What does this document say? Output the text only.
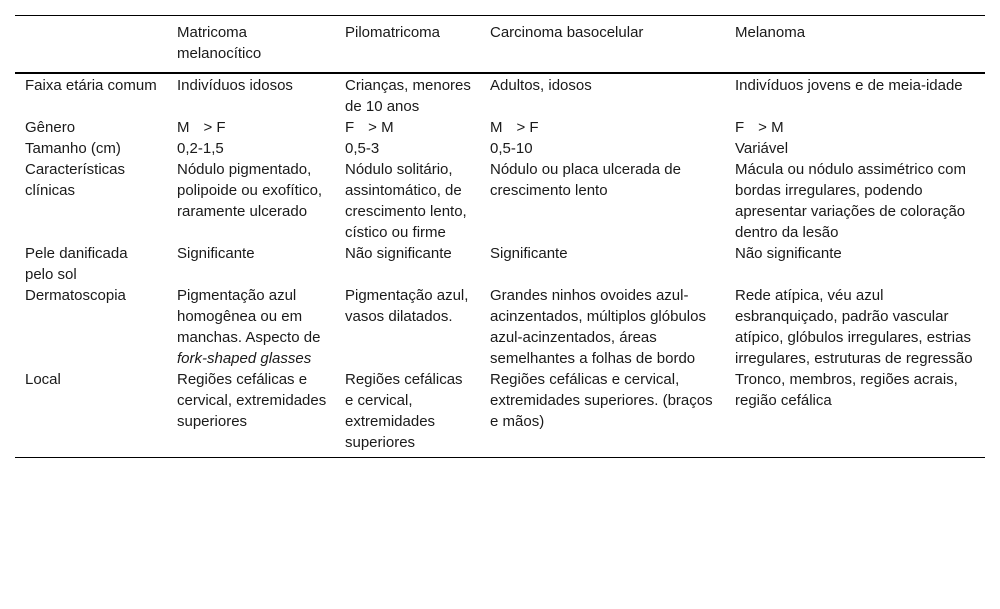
	Matricoma melanocítico	Pilomatricoma	Carcinoma basocelular	Melanoma
Faixa etária comum	Indivíduos idosos	Crianças, menores de 10 anos	Adultos, idosos	Indivíduos jovens e de meia-idade
Gênero	M > F	F > M	M > F	F > M
Tamanho (cm)	0,2-1,5	0,5-3	0,5-10	Variável
Características clínicas	Nódulo pigmentado, polipoide ou exofítico, raramente ulcerado	Nódulo solitário, assintomático, de crescimento lento, cístico ou firme	Nódulo ou placa ulcerada de crescimento lento	Mácula ou nódulo assimétrico com bordas irregulares, podendo apresentar variações de coloração dentro da lesão
Pele danificada pelo sol	Significante	Não significante	Significante	Não significante
Dermatoscopia	Pigmentação azul homogênea ou em manchas. Aspecto de fork-shaped glasses	Pigmentação azul, vasos dilatados.	Grandes ninhos ovoides azul-acinzentados, múltiplos glóbulos azul-acinzentados, áreas semelhantes a folhas de bordo	Rede atípica, véu azul esbranquiçado, padrão vascular atípico, glóbulos irregulares, estrias irregulares, estruturas de regressão
Local	Regiões cefálicas e cervical, extremidades superiores	Regiões cefálicas e cervical, extremidades superiores	Regiões cefálicas e cervical, extremidades superiores. (braços e mãos)	Tronco, membros, regiões acrais, região cefálica
